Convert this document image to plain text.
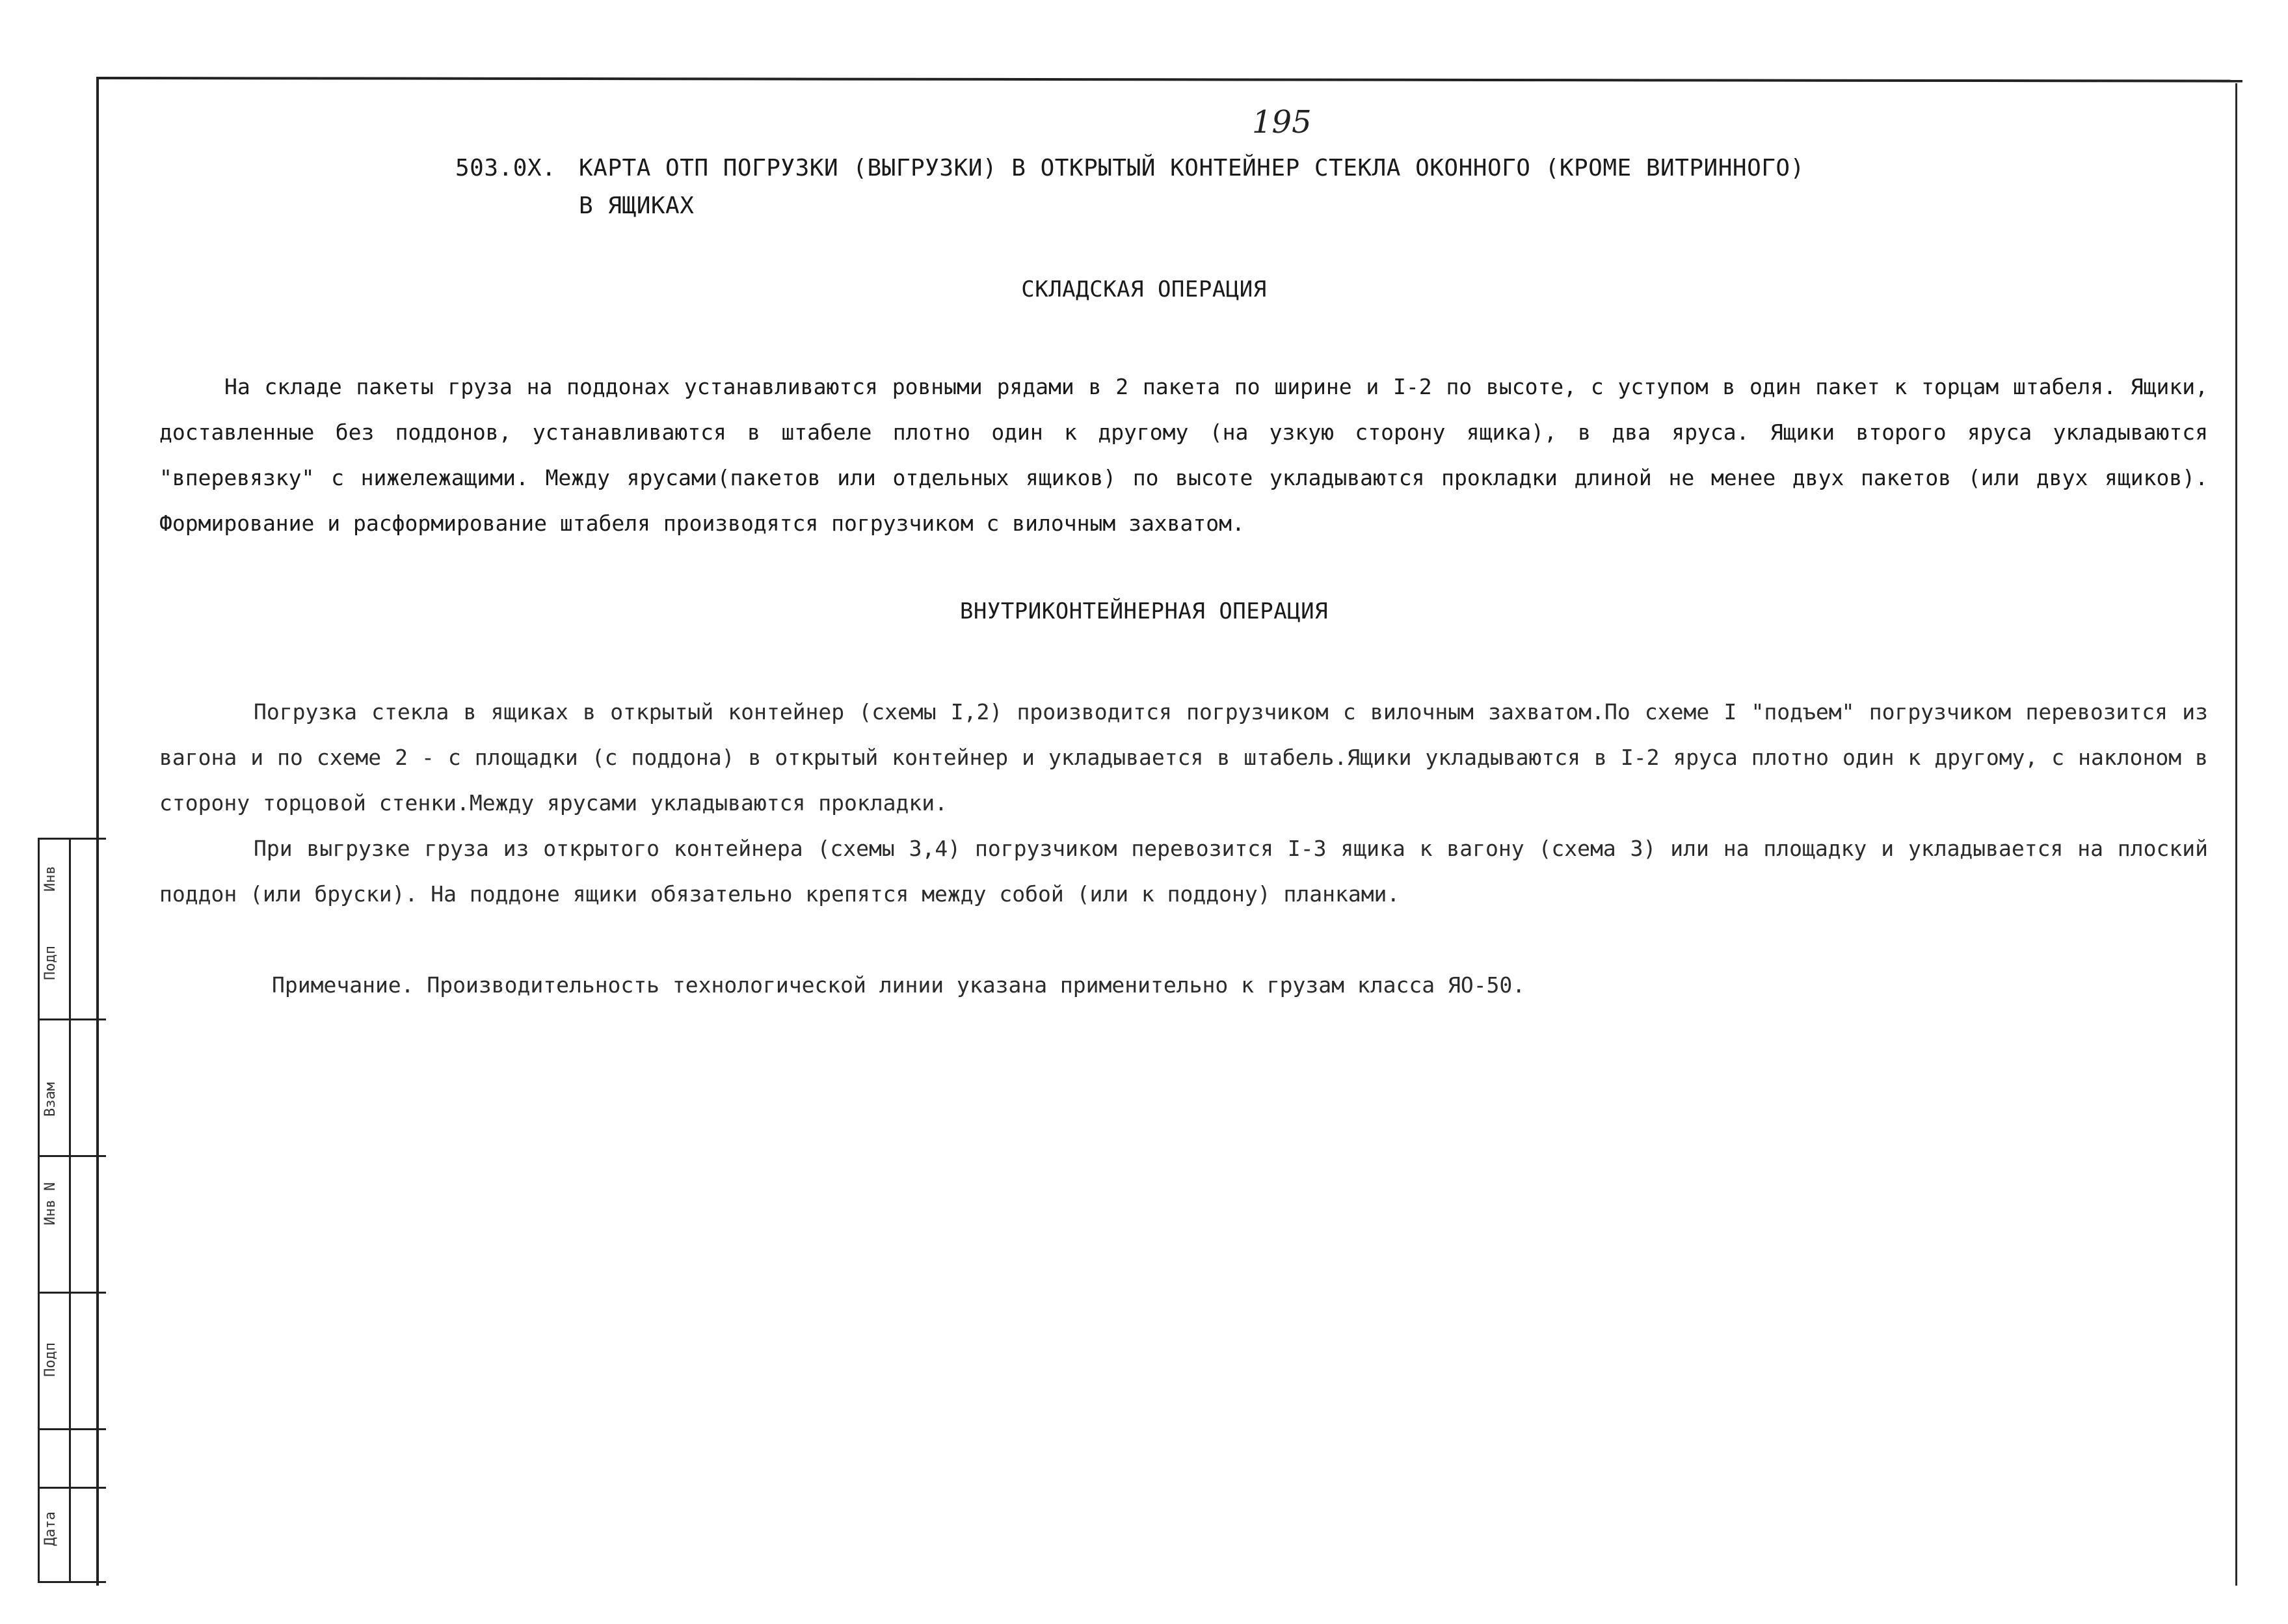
195
503.0Х. КАРТА ОТП ПОГРУЗКИ (ВЫГРУЗКИ) В ОТКРЫТЫЙ КОНТЕЙНЕР СТЕКЛА ОКОННОГО (КРОМЕ ВИТРИННОГО)
В ЯЩИКАХ
СКЛАДСКАЯ ОПЕРАЦИЯ

На складе пакеты груза на поддонах устанавливаются ровными рядами в 2 пакета по ширине и I-2 по высоте, с уступом в один пакет к торцам штабеля. Ящики, доставленные без поддонов, устанавливаются в штабеле плотно один к другому (на узкую сторону ящика), в два яруса. Ящики второго яруса укладываются "вперевязку" с нижележащими. Между ярусами(пакетов или отдельных ящиков) по высоте укладываются прокладки длиной не менее двух пакетов (или двух ящиков). Формирование и расформирование штабеля производятся погрузчиком с вилочным захватом.

ВНУТРИКОНТЕЙНЕРНАЯ ОПЕРАЦИЯ

Погрузка стекла в ящиках в открытый контейнер (схемы I,2) производится погрузчиком с вилочным захватом.По схеме I "подъем" погрузчиком перевозится из вагона и по схеме 2 - с площадки (с поддона) в открытый контейнер и укладывается в штабель.Ящики укладываются в I-2 яруса плотно один к другому, с наклоном в сторону торцовой стенки.Между ярусами укладываются прокладки.

При выгрузке груза из открытого контейнера (схемы 3,4) погрузчиком перевозится I-3 ящика к вагону (схема 3) или на площадку и укладывается на плоский поддон (или бруски). На поддоне ящики обязательно крепятся между собой (или к поддону) планками.

Примечание. Производительность технологической линии указана применительно к грузам класса ЯО-50.
Инв
Подп
Взам
Инв N
Подп
Дата
